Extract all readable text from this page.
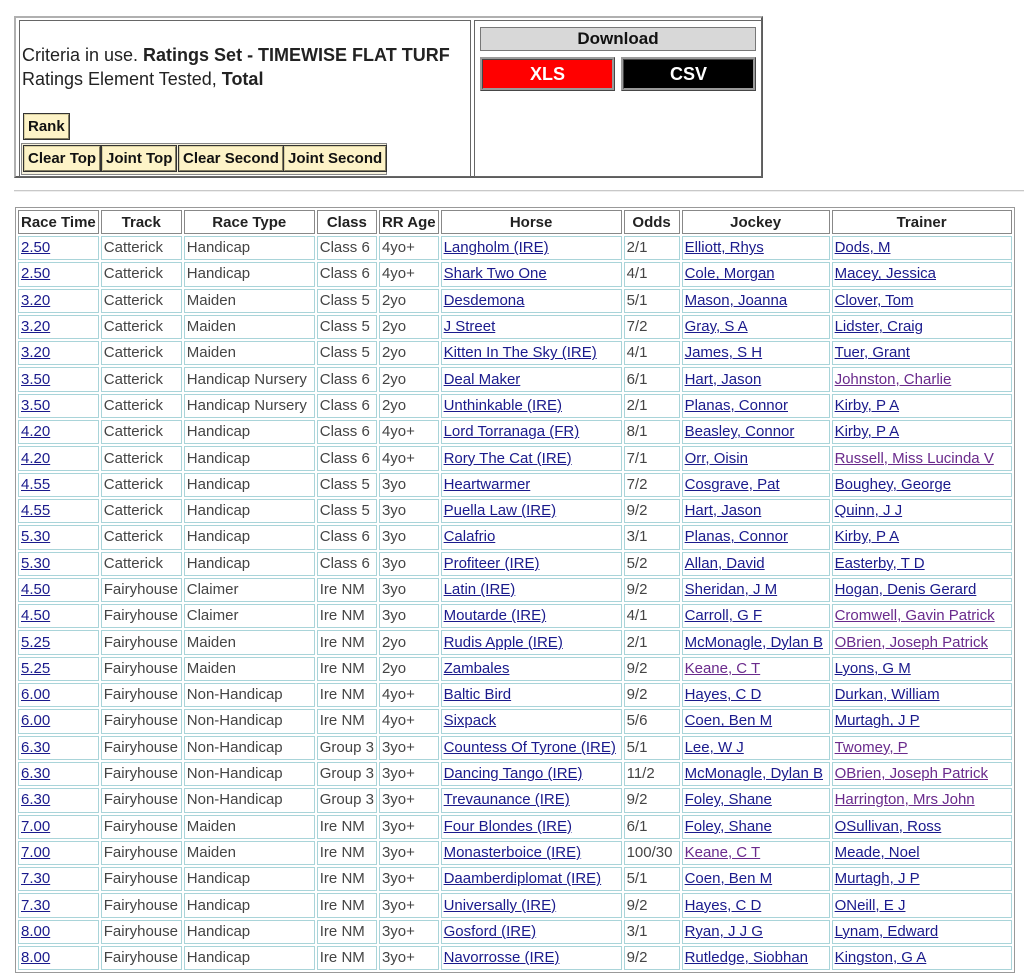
Criteria in use. Ratings Set - TIMEWISE FLAT TURF
Ratings Element Tested, Total
Rank
Clear Top Joint Top Clear Second Joint Second
Download
XLS	CSV
Race Time	Track	Race Type	Class	RR Age	Horse	Odds	Jockey	Trainer
2.50	Catterick	Handicap	Class 6	4yo+	Langholm (IRE)	2/1	Elliott, Rhys	Dods, M
2.50	Catterick	Handicap	Class 6	4yo+	Shark Two One	4/1	Cole, Morgan	Macey, Jessica
3.20	Catterick	Maiden	Class 5	2yo	Desdemona	5/1	Mason, Joanna	Clover, Tom
3.20	Catterick	Maiden	Class 5	2yo	J Street	7/2	Gray, S A	Lidster, Craig
3.20	Catterick	Maiden	Class 5	2yo	Kitten In The Sky (IRE)	4/1	James, S H	Tuer, Grant
3.50	Catterick	Handicap Nursery	Class 6	2yo	Deal Maker	6/1	Hart, Jason	Johnston, Charlie
3.50	Catterick	Handicap Nursery	Class 6	2yo	Unthinkable (IRE)	2/1	Planas, Connor	Kirby, P A
4.20	Catterick	Handicap	Class 6	4yo+	Lord Torranaga (FR)	8/1	Beasley, Connor	Kirby, P A
4.20	Catterick	Handicap	Class 6	4yo+	Rory The Cat (IRE)	7/1	Orr, Oisin	Russell, Miss Lucinda V
4.55	Catterick	Handicap	Class 5	3yo	Heartwarmer	7/2	Cosgrave, Pat	Boughey, George
4.55	Catterick	Handicap	Class 5	3yo	Puella Law (IRE)	9/2	Hart, Jason	Quinn, J J
5.30	Catterick	Handicap	Class 6	3yo	Calafrio	3/1	Planas, Connor	Kirby, P A
5.30	Catterick	Handicap	Class 6	3yo	Profiteer (IRE)	5/2	Allan, David	Easterby, T D
4.50	Fairyhouse	Claimer	Ire NM	3yo	Latin (IRE)	9/2	Sheridan, J M	Hogan, Denis Gerard
4.50	Fairyhouse	Claimer	Ire NM	3yo	Moutarde (IRE)	4/1	Carroll, G F	Cromwell, Gavin Patrick
5.25	Fairyhouse	Maiden	Ire NM	2yo	Rudis Apple (IRE)	2/1	McMonagle, Dylan B	OBrien, Joseph Patrick
5.25	Fairyhouse	Maiden	Ire NM	2yo	Zambales	9/2	Keane, C T	Lyons, G M
6.00	Fairyhouse	Non-Handicap	Ire NM	4yo+	Baltic Bird	9/2	Hayes, C D	Durkan, William
6.00	Fairyhouse	Non-Handicap	Ire NM	4yo+	Sixpack	5/6	Coen, Ben M	Murtagh, J P
6.30	Fairyhouse	Non-Handicap	Group 3	3yo+	Countess Of Tyrone (IRE)	5/1	Lee, W J	Twomey, P
6.30	Fairyhouse	Non-Handicap	Group 3	3yo+	Dancing Tango (IRE)	11/2	McMonagle, Dylan B	OBrien, Joseph Patrick
6.30	Fairyhouse	Non-Handicap	Group 3	3yo+	Trevaunance (IRE)	9/2	Foley, Shane	Harrington, Mrs John
7.00	Fairyhouse	Maiden	Ire NM	3yo+	Four Blondes (IRE)	6/1	Foley, Shane	OSullivan, Ross
7.00	Fairyhouse	Maiden	Ire NM	3yo+	Monasterboice (IRE)	100/30	Keane, C T	Meade, Noel
7.30	Fairyhouse	Handicap	Ire NM	3yo+	Daamberdiplomat (IRE)	5/1	Coen, Ben M	Murtagh, J P
7.30	Fairyhouse	Handicap	Ire NM	3yo+	Universally (IRE)	9/2	Hayes, C D	ONeill, E J
8.00	Fairyhouse	Handicap	Ire NM	3yo+	Gosford (IRE)	3/1	Ryan, J J G	Lynam, Edward
8.00	Fairyhouse	Handicap	Ire NM	3yo+	Navorrosse (IRE)	9/2	Rutledge, Siobhan	Kingston, G A
